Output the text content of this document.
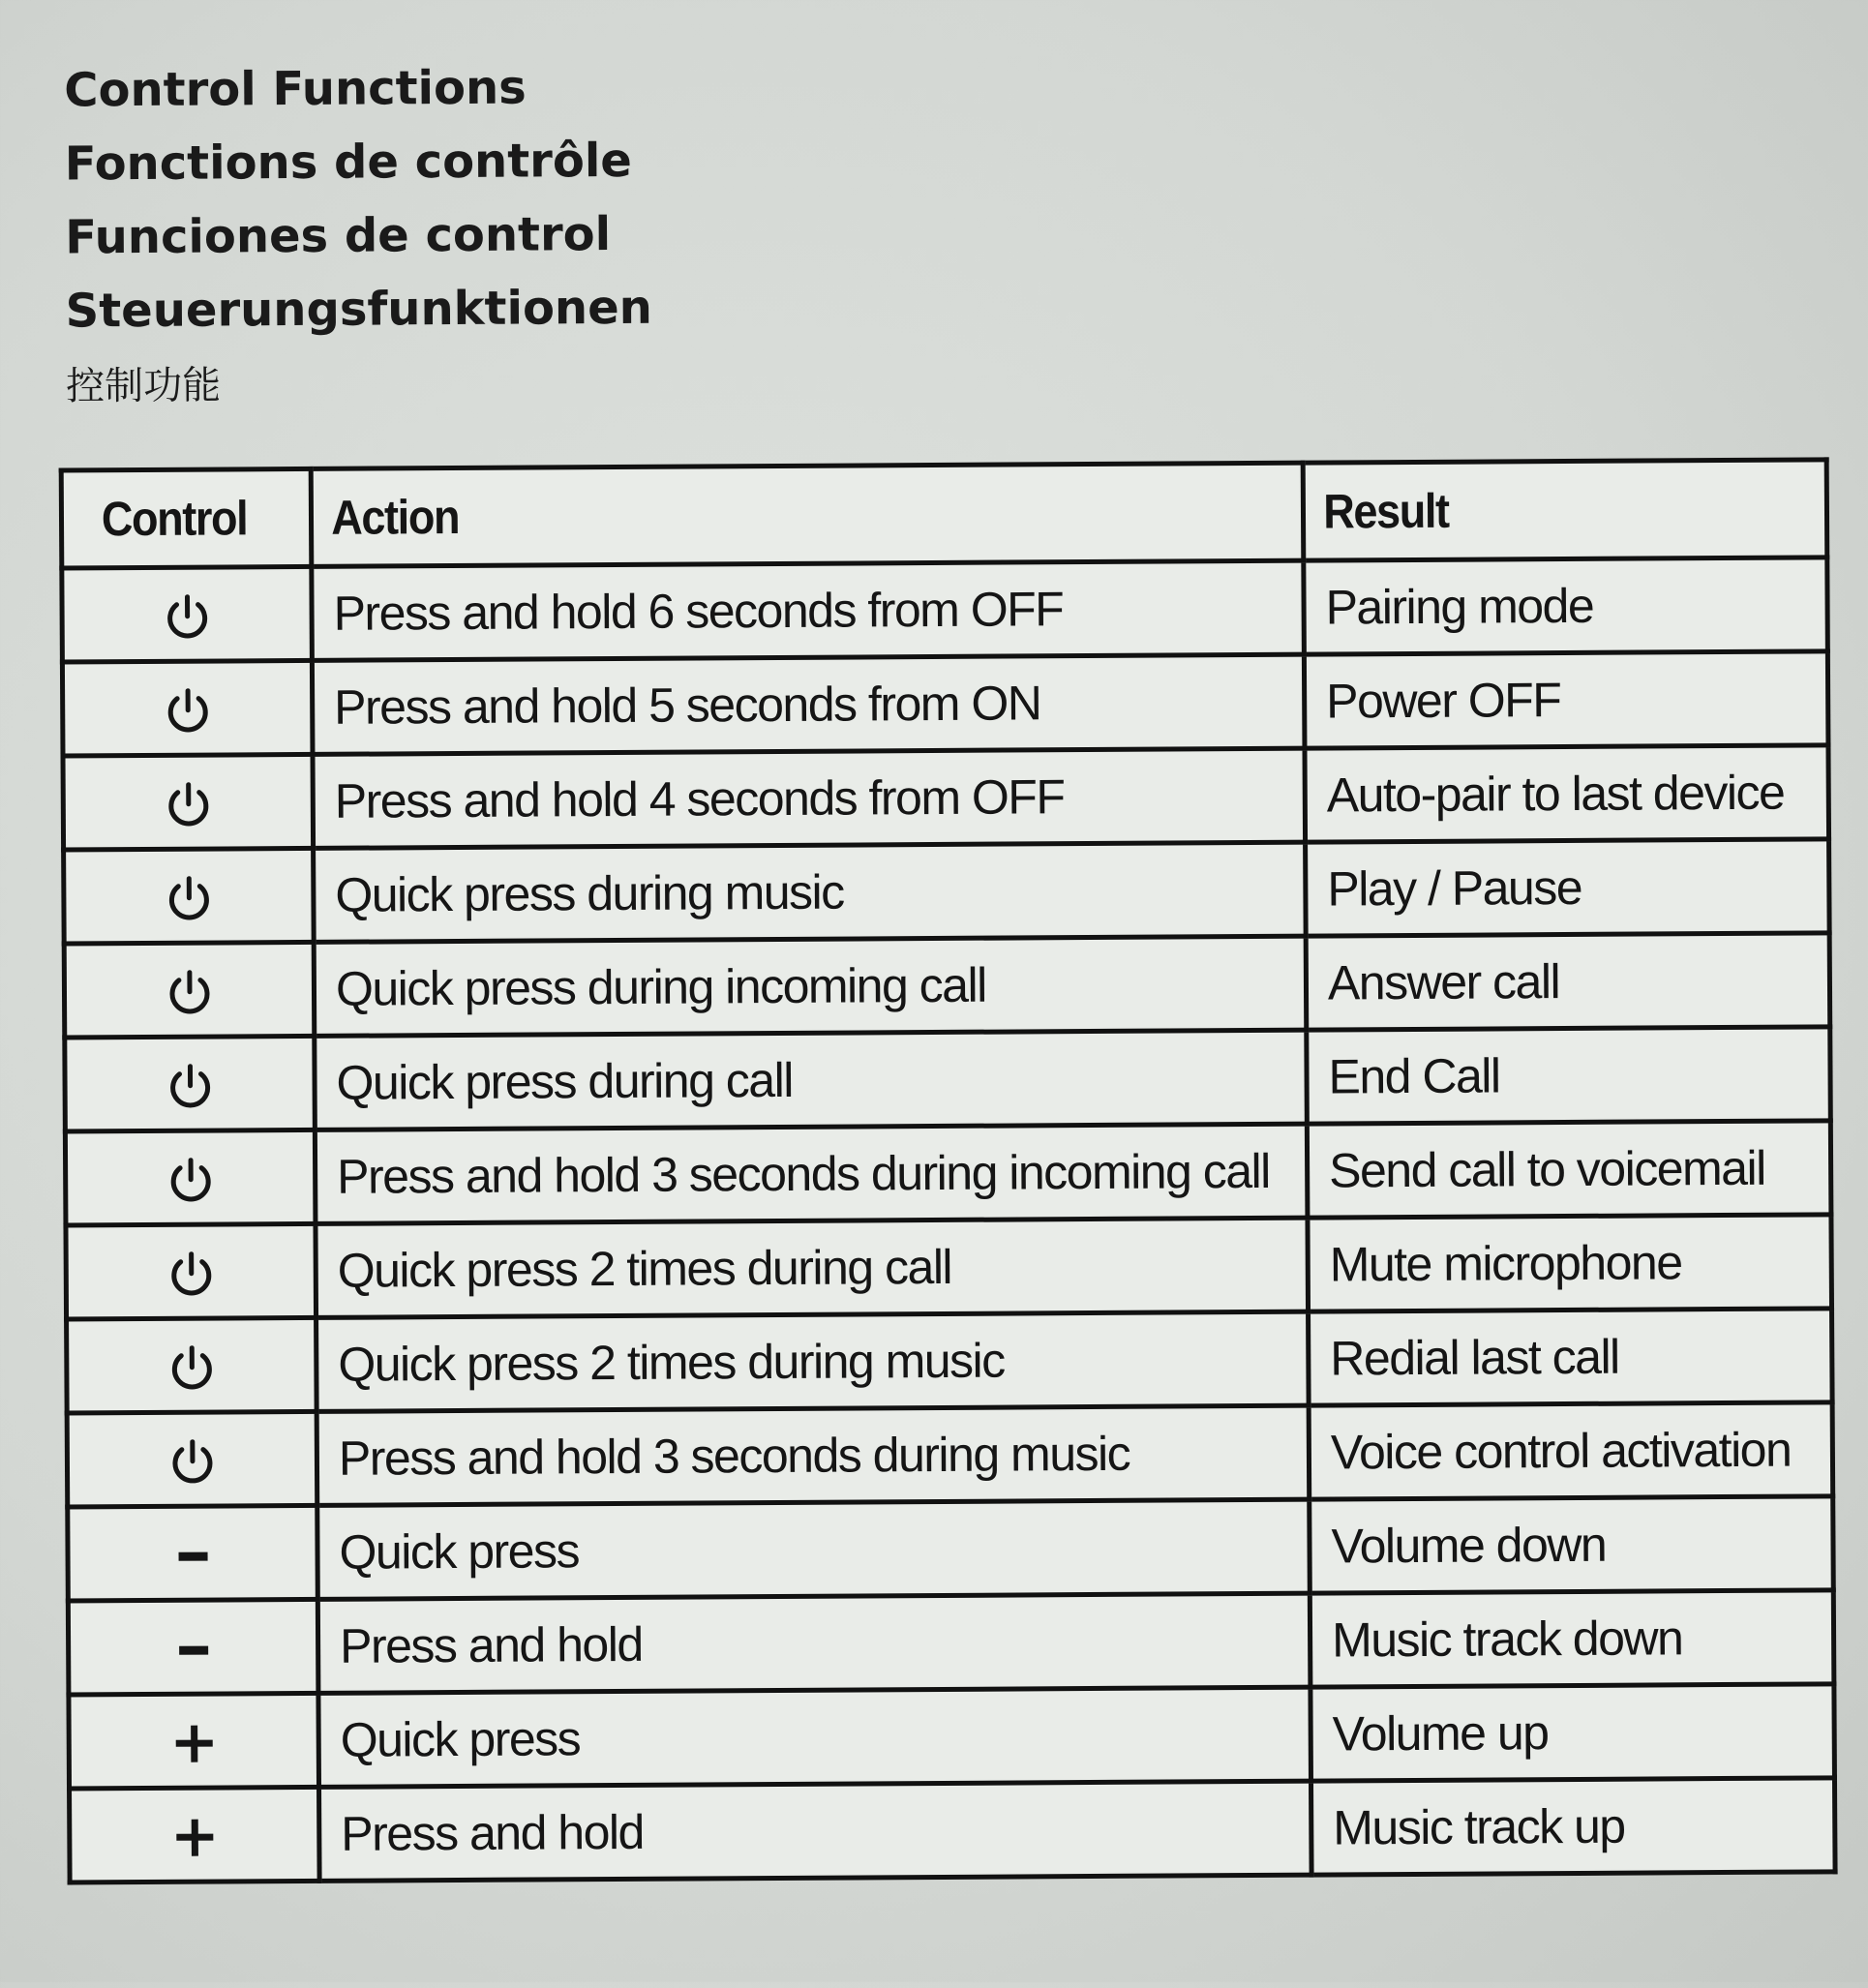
Control Functions
Fonctions de contrôle
Funciones de control
Steuerungsfunktionen
控制功能
Control	Action	Result

	Press and hold 6 seconds from OFF	Pairing mode

	Press and hold 5 seconds from ON	Power OFF

	Press and hold 4 seconds from OFF	Auto-pair to last device

	Quick press during music	Play / Pause

	Quick press during incoming call	Answer call

	Quick press during call	End Call

	Press and hold 3 seconds during incoming call	Send call to voicemail

	Quick press 2 times during call	Mute microphone

	Quick press 2 times during music	Redial last call

	Press and hold 3 seconds during music	Voice control activation

	Quick press	Volume down

	Press and hold	Music track down

	Quick press	Volume up

	Press and hold	Music track up
